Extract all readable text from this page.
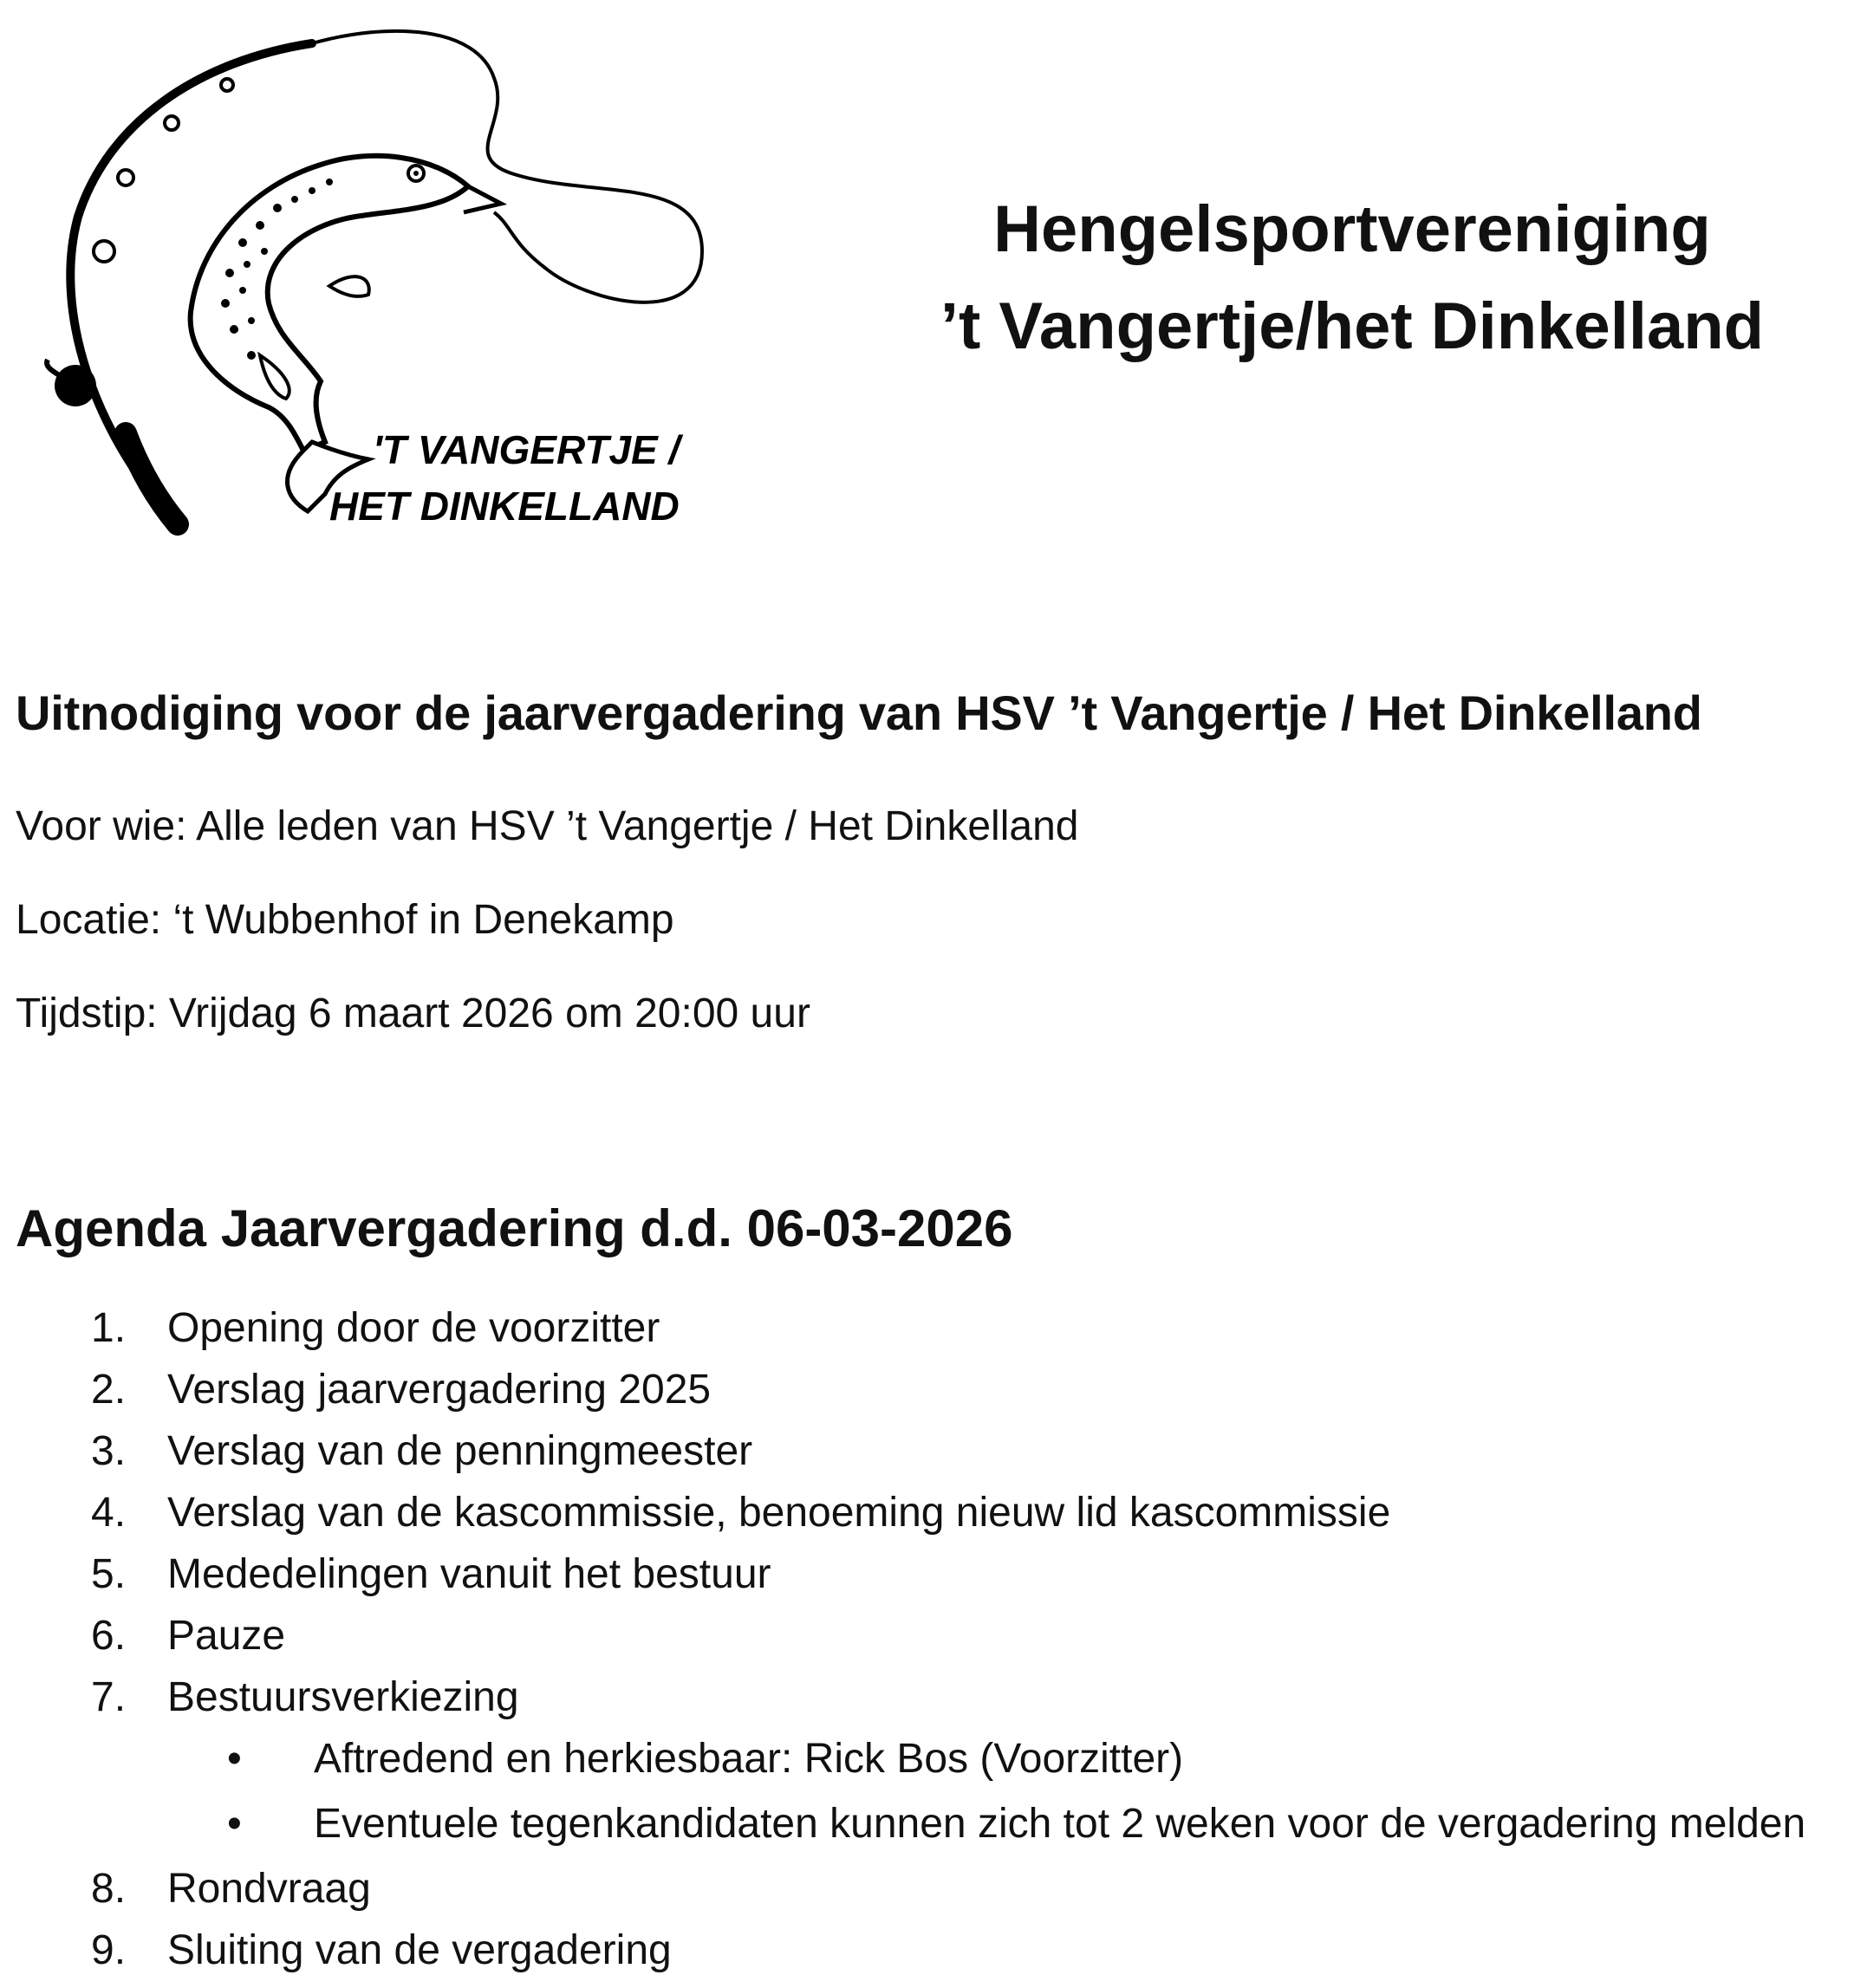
'T VANGERTJE /
HET DINKELLAND
Hengelsportvereniging
’t Vangertje/het Dinkelland
Uitnodiging voor de jaarvergadering van HSV ’t Vangertje / Het Dinkelland
Voor wie: Alle leden van HSV ’t Vangertje / Het Dinkelland
Locatie: ‘t Wubbenhof in Denekamp
Tijdstip: Vrijdag 6 maart 2026 om 20:00 uur
Agenda Jaarvergadering d.d. 06-03-2026
1. Opening door de voorzitter
2. Verslag jaarvergadering 2025
3. Verslag van de penningmeester
4. Verslag van de kascommissie, benoeming nieuw lid kascommissie
5. Mededelingen vanuit het bestuur
6. Pauze
7. Bestuursverkiezing
• Aftredend en herkiesbaar: Rick Bos (Voorzitter)
• Eventuele tegenkandidaten kunnen zich tot 2 weken voor de vergadering melden
8. Rondvraag
9. Sluiting van de vergadering
